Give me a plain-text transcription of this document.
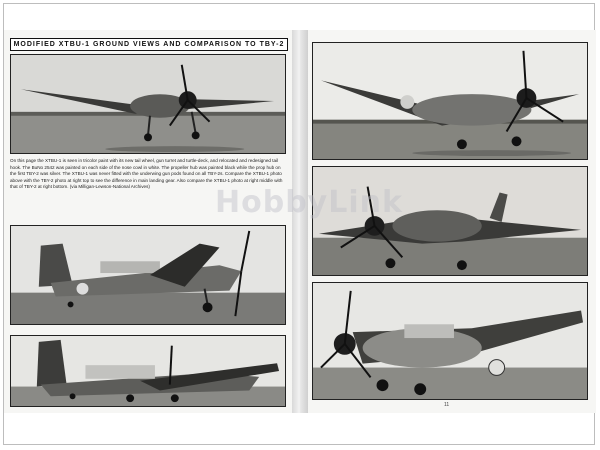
MODIFIED XTBU-1 GROUND VIEWS AND COMPARISON TO TBY-2
On this page the XTBU-1 is seen in tricolor paint with its new tail wheel, gun turret and turtle-deck, and relocated and redesigned tail hook. The BuNo 2542 was painted on each side of the nose cowl in white. The propeller hub was painted black while the prop hub on the first TBY-2 was silver. The XTBU-1 was never fitted with the underwing gun pods found on all TBY-2s. Compare the XTBU-1 photo above with the TBY-2 photo at right top to see the difference in main landing gear. Also compare the XTBU-1 photo at right middle with that of TBY-2 at right bottom. (via Milligan-Lewson-National Archives)
11
HobbyLink
